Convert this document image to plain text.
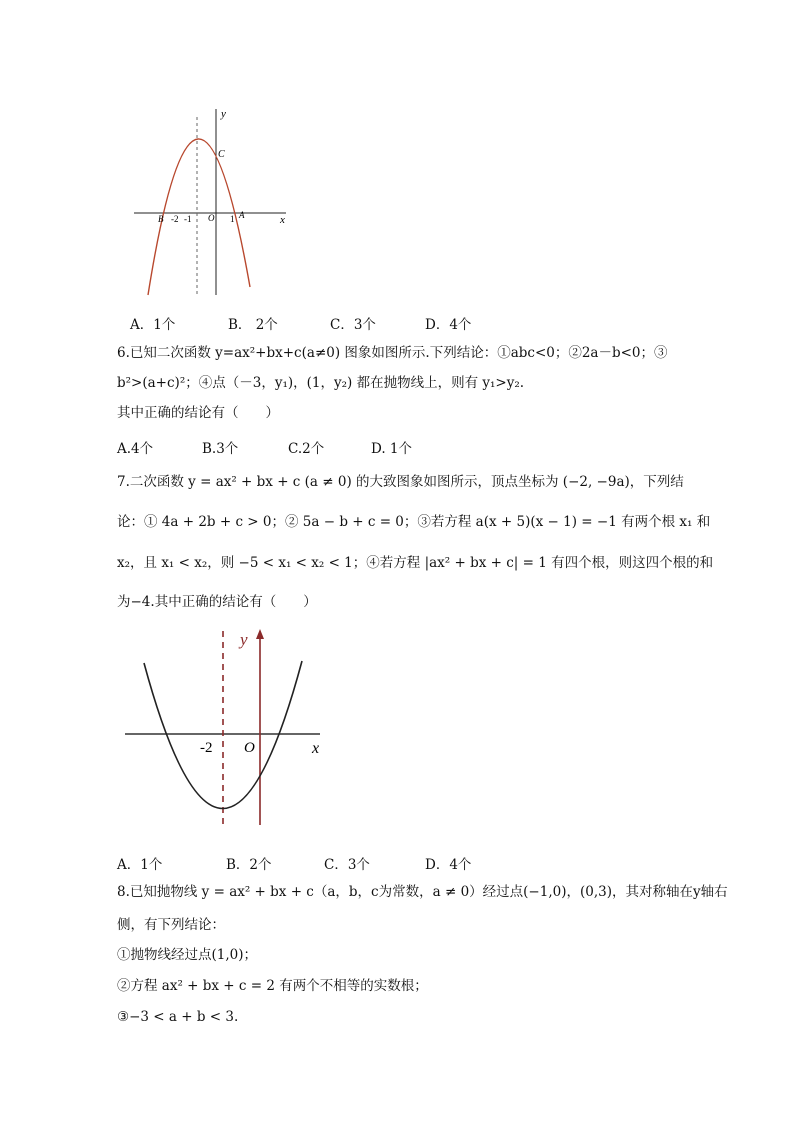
y
x
C
O
B	A
-2 -1	1
A．1个	B． 2个	C．3个	D．4个
6.已知二次函数 y=ax²+bx+c(a≠0) 图象如图所示.下列结论：①abc<0；②2a－b<0；③
b²>(a+c)²；④点（－3，y₁)，(1，y₂) 都在抛物线上，则有 y₁>y₂.
其中正确的结论有（　　）
A.4个	B.3个	C.2个	D. 1个
7.二次函数 y = ax² + bx + c (a ≠ 0) 的大致图象如图所示，顶点坐标为 (−2, −9a)，下列结
论：① 4a + 2b + c > 0；② 5a − b + c = 0；③若方程 a(x + 5)(x − 1) = −1 有两个根 x₁ 和
x₂，且 x₁ < x₂，则 −5 < x₁ < x₂ < 1；④若方程 |ax² + bx + c| = 1 有四个根，则这四个根的和
为−4.其中正确的结论有（　　）
y
x
O
-2
A．1个	B．2个	C．3个	D．4个
8.已知抛物线 y = ax² + bx + c（a，b，c为常数，a ≠ 0）经过点(−1,0)，(0,3)，其对称轴在y轴右
侧，有下列结论：
①抛物线经过点(1,0)；
②方程 ax² + bx + c = 2 有两个不相等的实数根；
③−3 < a + b < 3.
